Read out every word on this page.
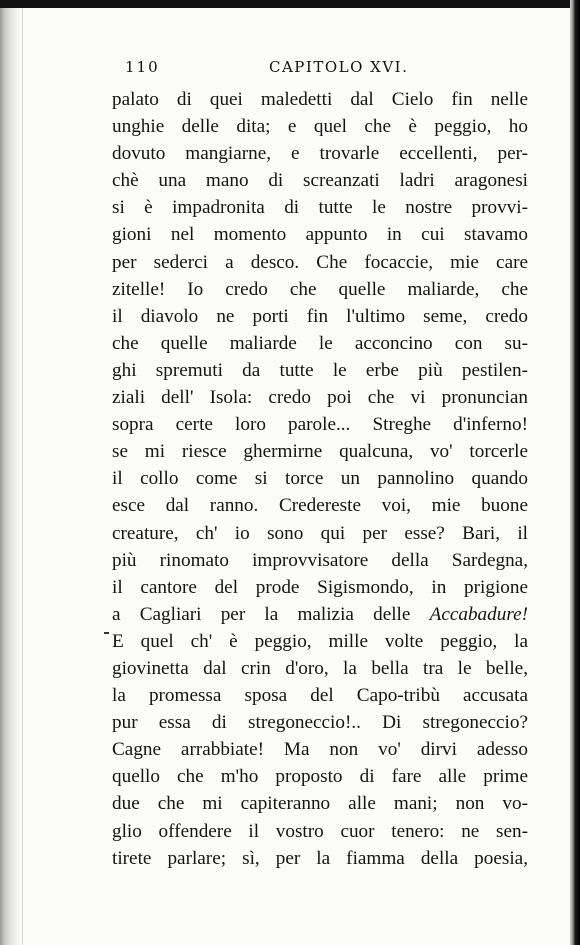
110	CAPITOLO XVI.
palato di quei maledetti dal Cielo fin nelle
unghie delle dita; e quel che è peggio, ho
dovuto mangiarne, e trovarle eccellenti, per-
chè una mano di screanzati ladri aragonesi
si è impadronita di tutte le nostre provvi-
gioni nel momento appunto in cui stavamo
per sederci a desco. Che focaccie, mie care
zitelle! Io credo che quelle maliarde, che
il diavolo ne porti fin l'ultimo seme, credo
che quelle maliarde le acconcino con su-
ghi spremuti da tutte le erbe più pestilen-
ziali dell' Isola: credo poi che vi pronuncian
sopra certe loro parole... Streghe d'inferno!
se mi riesce ghermirne qualcuna, vo' torcerle
il collo come si torce un pannolino quando
esce dal ranno. Credereste voi, mie buone
creature, ch' io sono qui per esse? Bari, il
più rinomato improvvisatore della Sardegna,
il cantore del prode Sigismondo, in prigione
a Cagliari per la malizia delle Accabadure!
E quel ch' è peggio, mille volte peggio, la
giovinetta dal crin d'oro, la bella tra le belle,
la promessa sposa del Capo-tribù accusata
pur essa di stregoneccio!.. Di stregoneccio?
Cagne arrabbiate! Ma non vo' dirvi adesso
quello che m'ho proposto di fare alle prime
due che mi capiteranno alle mani; non vo-
glio offendere il vostro cuor tenero: ne sen-
tirete parlare; sì, per la fiamma della poesia,
